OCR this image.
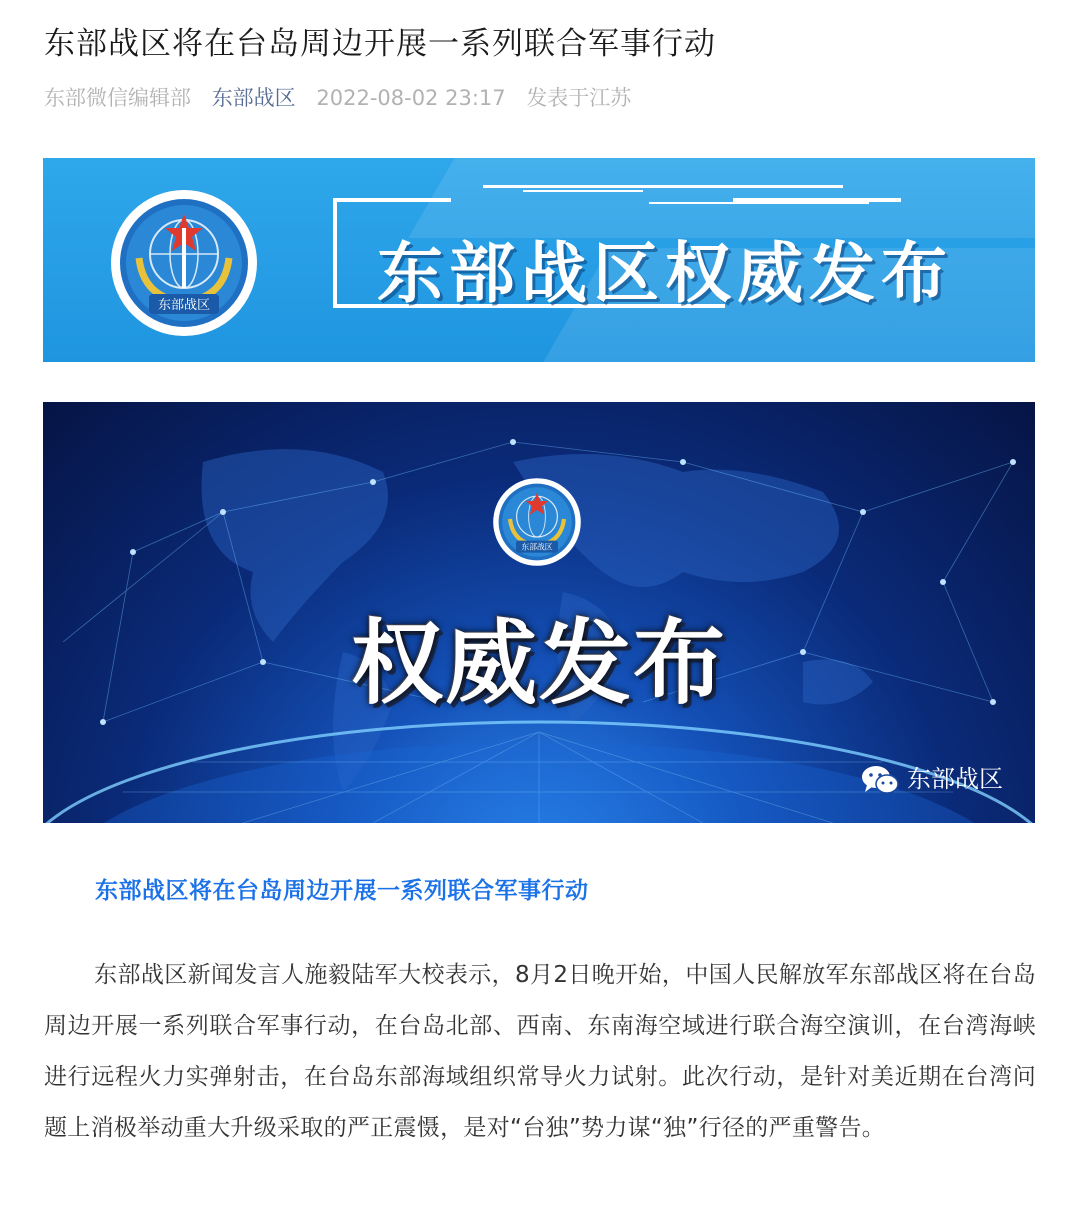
东部战区将在台岛周边开展一系列联合军事行动
东部微信编辑部 东部战区 2022-08-02 23:17 发表于江苏
东部战区	东部战区权威发布
东部战区
权威发布
东部战区
东部战区将在台岛周边开展一系列联合军事行动

东部战区新闻发言人施毅陆军大校表示，8月2日晚开始，中国人民解放军东部战区将在台岛周边开展一系列联合军事行动，在台岛北部、西南、东南海空域进行联合海空演训，在台湾海峡进行远程火力实弹射击，在台岛东部海域组织常导火力试射。此次行动，是针对美近期在台湾问题上消极举动重大升级采取的严正震慑，是对“台独”势力谋“独”行径的严重警告。
